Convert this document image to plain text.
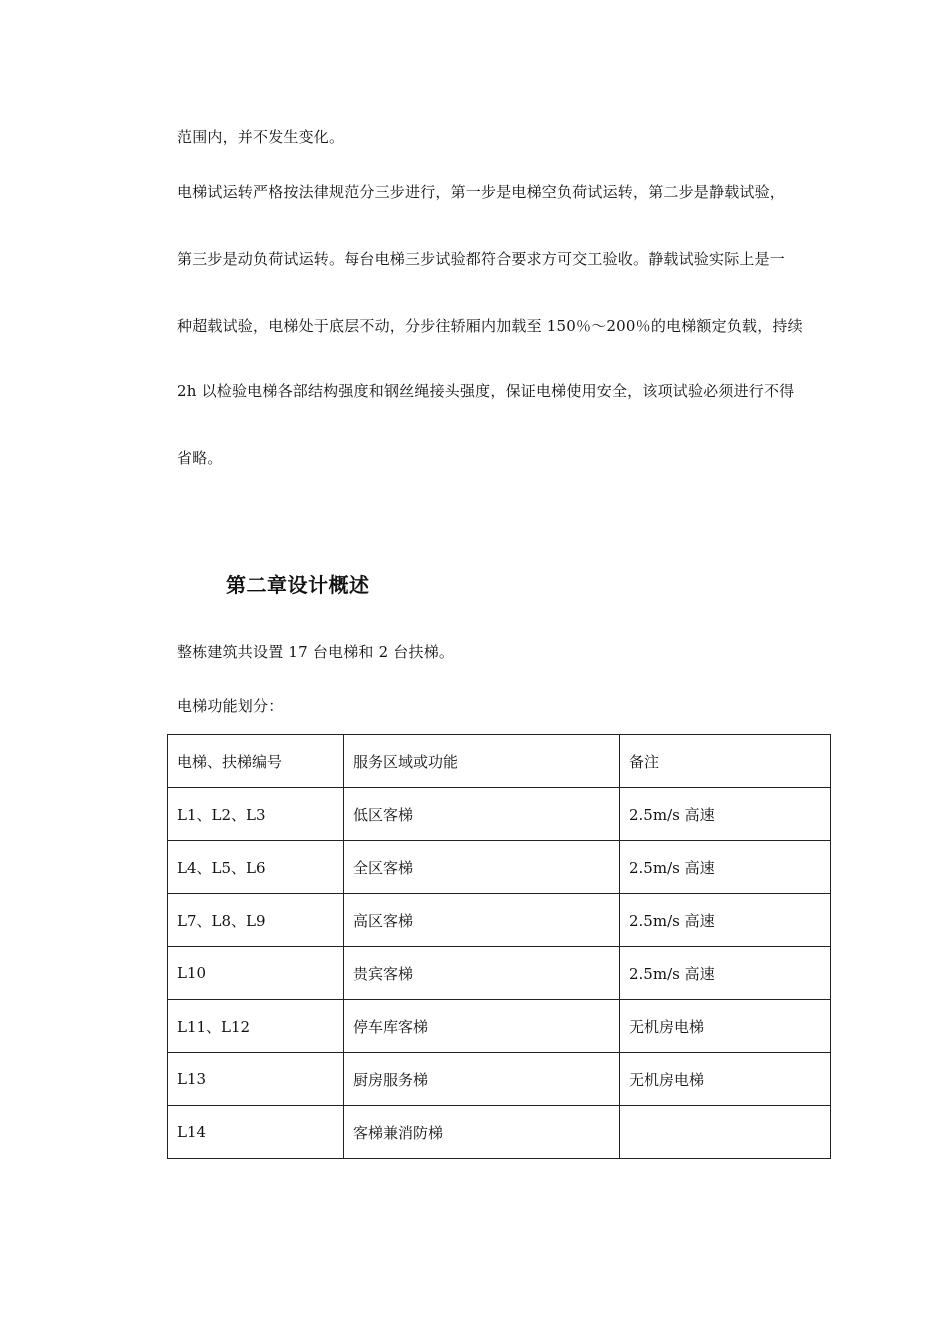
范围内，并不发生变化。
电梯试运转严格按法律规范分三步进行，第一步是电梯空负荷试运转，第二步是静载试验，
第三步是动负荷试运转。每台电梯三步试验都符合要求方可交工验收。静载试验实际上是一
种超载试验，电梯处于底层不动，分步往轿厢内加载至 150％～200％的电梯额定负载，持续
2h 以检验电梯各部结构强度和钢丝绳接头强度，保证电梯使用安全，该项试验必须进行不得
省略。
第二章设计概述
整栋建筑共设置 17 台电梯和 2 台扶梯。
电梯功能划分：
电梯、扶梯编号	服务区域或功能	备注
L1、L2、L3	低区客梯	2.5m/s 高速
L4、L5、L6	全区客梯	2.5m/s 高速
L7、L8、L9	高区客梯	2.5m/s 高速
L10	贵宾客梯	2.5m/s 高速
L11、L12	停车库客梯	无机房电梯
L13	厨房服务梯	无机房电梯
L14	客梯兼消防梯	
